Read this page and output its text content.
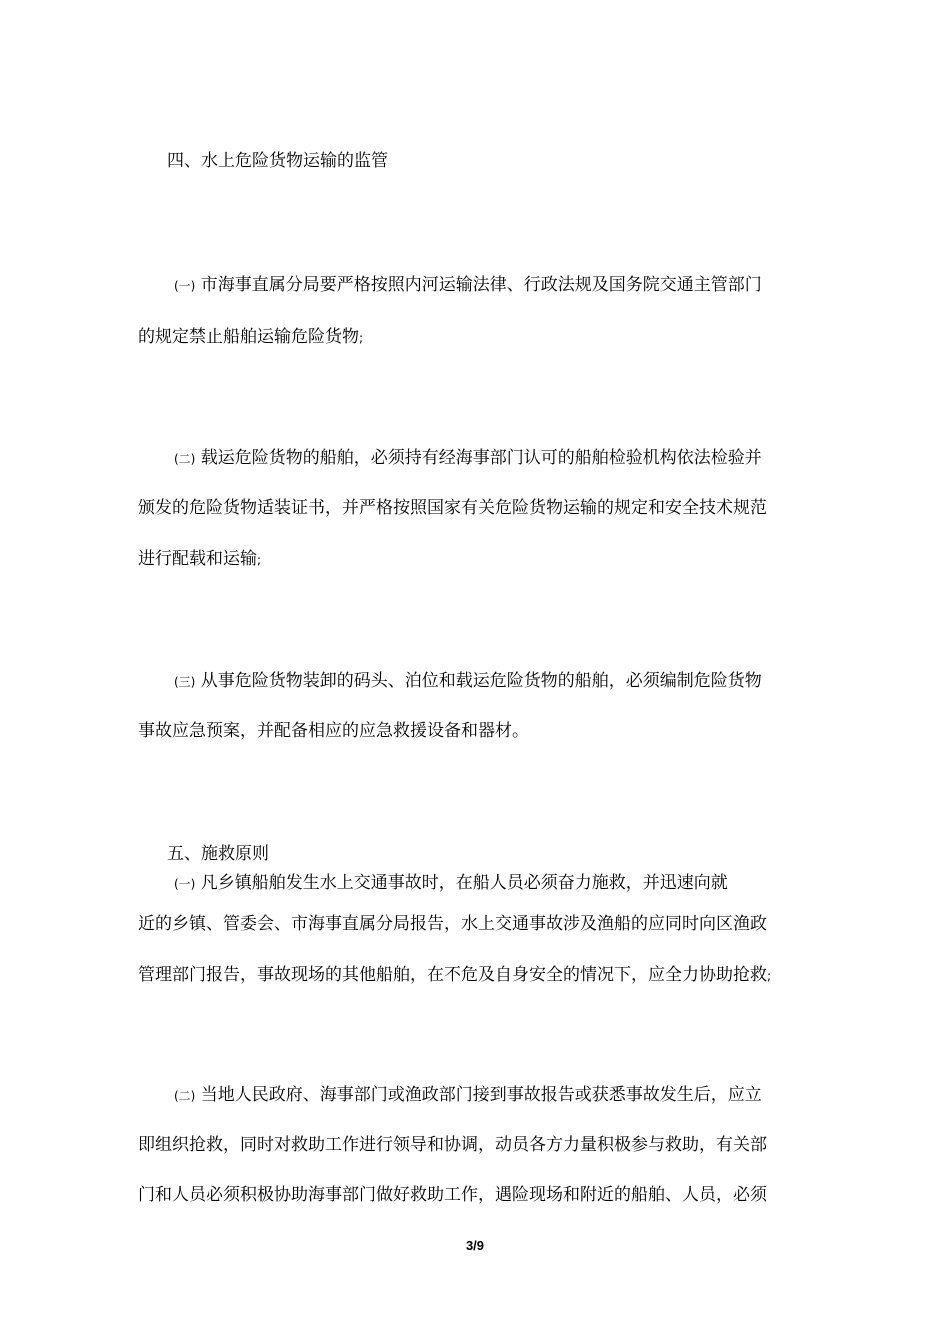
四、水上危险货物运输的监管
(一) 市海事直属分局要严格按照内河运输法律、行政法规及国务院交通主管部门
的规定禁止船舶运输危险货物;
(二) 载运危险货物的船舶，必须持有经海事部门认可的船舶检验机构依法检验并
颁发的危险货物适装证书，并严格按照国家有关危险货物运输的规定和安全技术规范
进行配载和运输;
(三) 从事危险货物装卸的码头、泊位和载运危险货物的船舶，必须编制危险货物
事故应急预案，并配备相应的应急救援设备和器材。
五、施救原则
(一) 凡乡镇船舶发生水上交通事故时，在船人员必须奋力施救，并迅速向就
近的乡镇、管委会、市海事直属分局报告，水上交通事故涉及渔船的应同时向区渔政
管理部门报告，事故现场的其他船舶，在不危及自身安全的情况下，应全力协助抢救;
(二) 当地人民政府、海事部门或渔政部门接到事故报告或获悉事故发生后，应立
即组织抢救，同时对救助工作进行领导和协调，动员各方力量积极参与救助，有关部
门和人员必须积极协助海事部门做好救助工作，遇险现场和附近的船舶、人员，必须
3/9
